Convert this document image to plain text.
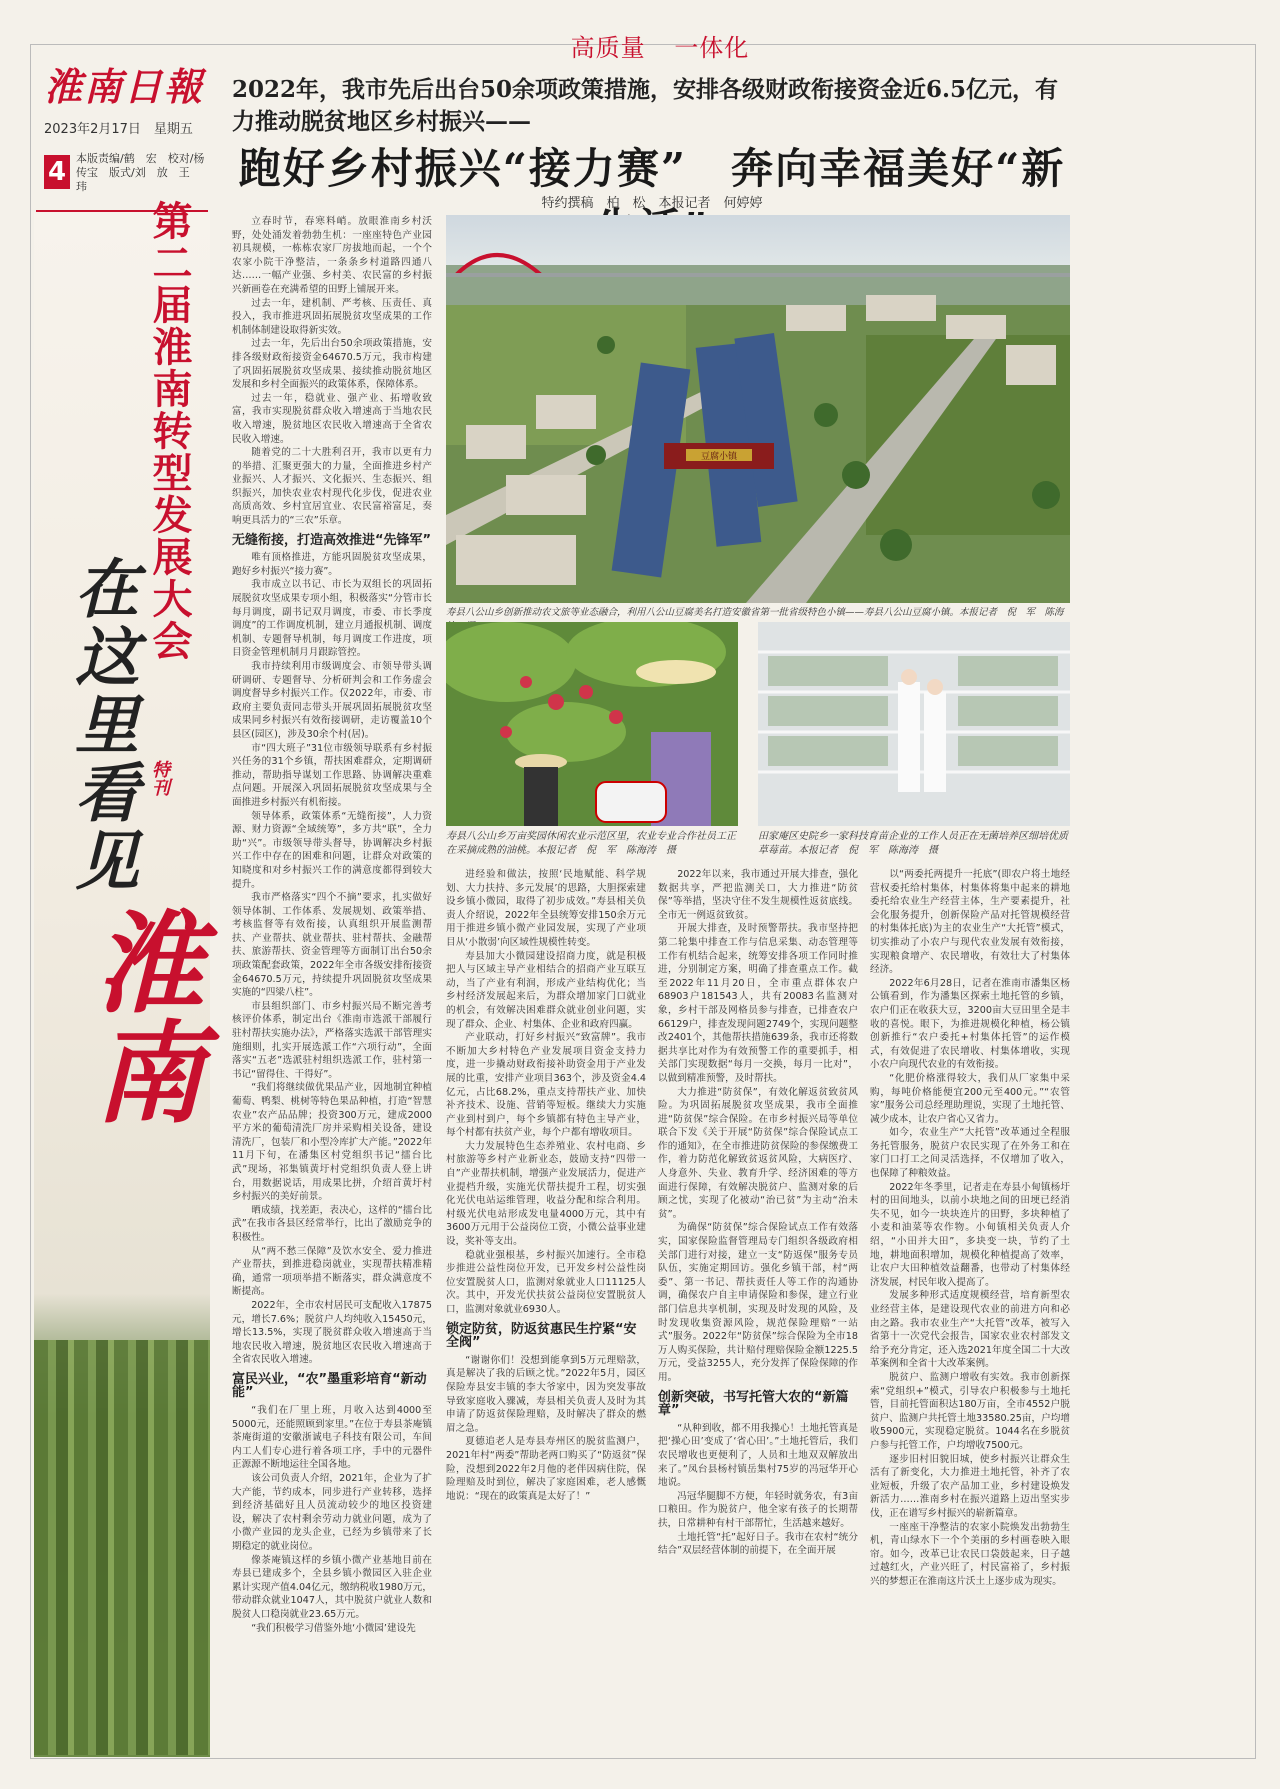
高质量 一体化
淮南日報
2023年2月17日　星期五
4 本版责编/鹤　宏　校对/杨传宝　版式/刘　放　王　玮
第二届淮南转型发展大会
特刊
在这里看见
淮南
2022年，我市先后出台50余项政策措施，安排各级财政衔接资金近6.5亿元，有力推动脱贫地区乡村振兴——
跑好乡村振兴“接力赛”　奔向幸福美好“新
特约撰稿　柏　松　本报记者　何婷婷
豆腐小镇
寿县八公山乡创新推动农文旅等业态融合，利用八公山豆腐美名打造安徽省第一批省级特色小镇——寿县八公山豆腐小镇。本报记者　倪　军　陈海　
寿县八公山乡万亩奖园休闲农业示范区里，农业专业合作社员工正在采摘成熟的油桃。本报记者　倪　军　陈海涛　摄
田家庵区史院乡一家科技育苗企业的工作人员正在无菌培养区细培优质草莓苗。本报记者　倪　军　陈海涛　摄

立春时节，春寒料峭。放眼淮南乡村沃野，处处涌发着勃勃生机：一座座特色产业园初具规模，一栋栋农家厂房拔地而起，一个个农家小院干净整洁，一条条乡村道路四通八达……一幅产业强、乡村美、农民富的乡村振兴新画卷在充满希望的田野上铺展开来。

过去一年，建机制、严考核、压责任、真投入，我市推进巩固拓展脱贫攻坚成果的工作机制体制建设取得新实效。

过去一年，先后出台50余项政策措施，安排各级财政衔接资金64670.5万元，我市构建了巩固拓展脱贫攻坚成果、接续推动脱贫地区发展和乡村全面振兴的政策体系，保障体系。

过去一年，稳就业、强产业、拓增收致富，我市实现脱贫群众收入增速高于当地农民收入增速，脱贫地区农民收入增速高于全省农民收入增速。

随着党的二十大胜利召开，我市以更有力的举措、汇聚更强大的力量，全面推进乡村产业振兴、人才振兴、文化振兴、生态振兴、组织振兴，加快农业农村现代化步伐，促进农业高质高效、乡村宜居宜业、农民富裕富足，奏响更具活力的“三农”乐章。

无缝衔接，打造高效推进“先锋军”

唯有顶格推进，方能巩固脱贫攻坚成果，跑好乡村振兴“接力赛”。

我市成立以书记、市长为双组长的巩固拓展脱贫攻坚成果专项小组，积极落实“分管市长每月调度，副书记双月调度，市委、市长季度调度”的工作调度机制，建立月通报机制、调度机制、专题督导机制，每月调度工作进度，项目资金管理机制月月跟踪管控。

我市持续利用市级调度会、市领导带头调研调研、专题督导、分析研判会和工作务虚会调度督导乡村振兴工作。仅2022年，市委、市政府主要负责同志带头开展巩固拓展脱贫攻坚成果同乡村振兴有效衔接调研，走访覆盖10个县区(园区)，涉及30余个村(居)。

市“四大班子”31位市级领导联系有乡村振兴任务的31个乡镇，帮扶困难群众，定期调研推动，帮助指导谋划工作思路、协调解决重难点问题。开展深入巩固拓展脱贫攻坚成果与全面推进乡村振兴有机衔接。

领导体系，政策体系“无缝衔接”，人力资源、财力资源“全域统筹”，多方共“联”，全力助“兴”。市级领导带头督导，协调解决乡村振兴工作中存在的困难和问题，让群众对政策的知晓度和对乡村振兴工作的满意度都得到较大提升。

我市严格落实“四个不摘”要求，扎实做好领导体制、工作体系、发展规划、政策举措、考核监督等有效衔接，认真组织开展监测帮扶、产业帮扶、就业帮扶、驻村帮扶、金融帮扶、旅游帮扶、资金管理等方面制订出台50余项政策配套政策，2022年全市各级安排衔接资金64670.5万元，持续提升巩固脱贫攻坚成果实施的“四梁八柱”。

市县组织部门、市乡村振兴局不断完善考核评价体系，制定出台《淮南市选派干部履行驻村帮扶实施办法》，严格落实选派干部管理实施细则，扎实开展选派工作“六项行动”，全面落实“五老”选派驻村组织选派工作，驻村第一书记“留得住、干得好”。

“我们将继续做优果品产业，因地制宜种植葡萄、鸭梨、桃树等特色果品种植，打造“智慧农业”农产品品牌；投资300万元，建成2000平方米的葡萄清洗厂房并采购相关设备，建设清洗厂，包装厂和小型冷库扩大产能。”2022年11月下旬，在潘集区村党组织书记“擂台比武”现场，祁集镇黄圩村党组织负责人登上讲台，用数据说话，用成果比拼，介绍首黄圩村乡村振兴的美好前景。

晒成绩，找差距，表决心，这样的“擂台比武”在我市各县区经常举行，比出了激励竞争的积极性。

从“两不愁三保障”及饮水安全、爱力推进产业帮扶，到推进稳岗就业，实现帮扶精准精确，通常一项项举措不断落实，群众满意度不断提高。

2022年，全市农村居民可支配收入17875元，增长7.6%；脱贫户人均纯收入15450元，增长13.5%，实现了脱贫群众收入增速高于当地农民收入增速，脱贫地区农民收入增速高于全省农民收入增速。

富民兴业，“农”墨重彩培育“新动能”

“我们在厂里上班，月收入达到4000至5000元，还能照顾到家里。”在位于寿县茶庵镇茶庵街道的安徽浙诚电子科技有限公司，车间内工人们专心进行着各项工序，手中的元器件正源源不断地运往全国各地。

该公司负责人介绍，2021年，企业为了扩大产能，节约成本，同步进行产业转移，选择到经济基础好且人员流动较少的地区投资建设，解决了农村剩余劳动力就业问题，成为了小微产业园的龙头企业，已经为乡镇带来了长期稳定的就业岗位。

像茶庵镇这样的乡镇小微产业基地目前在寿县已建成多个，全县乡镇小微园区入驻企业累计实现产值4.04亿元，缴纳税收1980万元，带动群众就业1047人，其中脱贫户就业人数和脱贫人口稳岗就业23.65万元。

“我们积极学习借鉴外地‘小微园’建设先

进经验和做法，按照‘民地赋能、科学规划、大力扶持、多元发展’的思路，大胆探索建设乡镇小微园，取得了初步成效。”寿县相关负责人介绍说，2022年全县统筹安排150余万元用于推进乡镇小微产业园发展，实现了产业项目从‘小散弱’向区域性规模性转变。

寿县加大小微园建设招商力度，就是积极把人与区域主导产业相结合的招商产业互联互动，当了产业有利润，形成产业结构优化；当乡村经济发展起来后，为群众增加家门口就业的机会，有效解决困难群众就业创业问题，实现了群众、企业、村集体、企业和政府四赢。

产业联动，打好乡村振兴“致富牌”。我市不断加大乡村特色产业发展项目资金支持力度，进一步撬动财政衔接补助资金用于产业发展的比重，安排产业项目363个，涉及资金4.4亿元，占比68.2%，重点支持帮扶产业、加快补齐技术、设施、营销等短板。继续大力实施产业到村到户，每个乡镇都有特色主导产业，每个村都有扶贫产业，每个户都有增收项目。

大力发展特色生态养殖业、农村电商、乡村旅游等乡村产业新业态，鼓励支持“四带一自”产业帮扶机制，增强产业发展活力，促进产业提档升级，实施光伏帮扶提升工程，切实强化光伏电站运维管理，收益分配和综合利用。村级光伏电站形成发电量4000万元，其中有3600万元用于公益岗位工资，小微公益事业建设，奖补等支出。

稳就业强根基，乡村振兴加速行。全市稳步推进公益性岗位开发，已开发乡村公益性岗位安置脱贫人口，监测对象就业人口11125人次。其中，开发光伏扶贫公益岗位安置脱贫人口，监测对象就业6930人。

锁定防贫，防返贫惠民生拧紧“安全阀”

“谢谢你们！没想到能拿到5万元理赔款，真是解决了我的后顾之忧。”2022年5月，园区保险寿县安丰镇的李大爷家中，因为突发事故导致家庭收入骤减，寿县相关负责人及时为其申请了防返贫保险理赔，及时解决了群众的燃眉之急。

夏德追老人是寿县寿州区的脱贫监测户，2021年村“两委”帮助老两口购买了“防返贫”保险，没想到2022年2月他的老伴因病住院，保险理赔及时到位，解决了家庭困难，老人感慨地说：“现在的政策真是太好了！”

2022年以来，我市通过开展大排查，强化数据共享，严把监测关口，大力推进“防贫保”等举措，坚决守住不发生规模性返贫底线。全市无一例返贫致贫。

开展大排查，及时预警帮扶。我市坚持把第二轮集中排查工作与信息采集、动态管理等工作有机结合起来，统筹安排各项工作同时推进，分别制定方案，明确了排查重点工作。截至2022年11月20日，全市重点群体农户68903户181543人，共有20083名监测对象，乡村干部及网格员参与排查，已排查农户66129户，排查发现问题2749个，实现问题整改2401个，其他帮扶措施639条，我市还将数据共享比对作为有效预警工作的重要抓手，相关部门实现数据“每月一交换，每月一比对”，以做到精准预警，及时帮扶。

大力推进“防贫保”，有效化解返贫致贫风险。为巩固拓展脱贫攻坚成果，我市全面推进“防贫保”综合保险。在市乡村振兴局等单位联合下发《关于开展“防贫保”综合保险试点工作的通知》，在全市推进防贫保险的参保缴费工作，着力防范化解致贫返贫风险，大病医疗、人身意外、失业、教育升学、经济困难的等方面进行保障，有效解决脱贫户、监测对象的后顾之忧，实现了化被动“治已贫”为主动“治未贫”。

为确保“防贫保”综合保险试点工作有效落实，国家保险监督管理局专门组织各级政府相关部门进行对接，建立一支“防返保”服务专员队伍，实施定期回访。强化乡镇干部，村“两委”、第一书记、帮扶责任人等工作的沟通协调，确保农户自主申请保险和参保，建立行业部门信息共享机制，实现及时发现的风险，及时发现收集资源风险，规范保险理赔“一站式”服务。2022年“防贫保”综合保险为全市18万人购买保险，共计赔付理赔保险金额1225.5万元，受益3255人，充分发挥了保险保障的作用。

创新突破，书写托管大农的“新篇章”

“从种到收，都不用我操心！土地托管真是把‘操心田’变成了‘省心田’。”土地托管后，我们农民增收也更便利了，人员和土地双双解放出来了。”凤台县杨村镇岳集村75岁的冯冠华开心地说。

冯冠华腿脚不方便，年轻时就务农，有3亩口粮田。作为脱贫户，他全家有孩子的长期帮扶，日常耕种有村干部帮忙，生活越来越好。

土地托管“托”起好日子。我市在农村“统分结合”双层经营体制的前提下，在全面开展

以“两委托两提升一托底”(即农户将土地经营权委托给村集体，村集体将集中起来的耕地委托给农业生产经营主体，生产要素提升，社会化服务提升，创新保险产品对托管规模经营的村集体托底)为主的农业生产“大托管”模式，切实推动了小农户与现代农业发展有效衔接，实现粮食增产、农民增收，有效壮大了村集体经济。

2022年6月28日，记者在淮南市潘集区杨公镇看到，作为潘集区探索土地托管的乡镇，农户们正在收获大豆，3200亩大豆田里全是丰收的喜悦。眼下，为推进规模化种植，杨公镇创新推行“农户委托+村集体托管”的运作模式，有效促进了农民增收、村集体增收，实现小农户向现代农业的有效衔接。

“化肥价格涨得较大，我们从厂家集中采购，每吨价格能便宜200元至400元。”“农管家”服务公司总经理助理说，实现了土地托管、减少成本，让农户省心又省力。

如今，农业生产“大托管”改革通过全程服务托管服务，脱贫户农民实现了在外务工和在家门口打工之间灵活选择，不仅增加了收入，也保障了种粮效益。

2022年冬季里，记者走在寿县小甸镇杨圩村的田间地头，以前小块地之间的田埂已经消失不见，如今一块块连片的田野，多块种植了小麦和油菜等农作物。小甸镇相关负责人介绍，“小田并大田”，多块变一块，节约了土地，耕地面积增加，规模化种植提高了效率，让农户大田种植效益翻番，也带动了村集体经济发展，村民年收入提高了。

发展多种形式适度规模经营，培育新型农业经营主体，是建设现代农业的前进方向和必由之路。我市农业生产“大托管”改革，被写入省第十一次党代会报告，国家农业农村部发文给予充分肯定，还入选2021年度全国二十大改革案例和全省十大改革案例。

脱贫户、监测户增收有实效。我市创新探索“党组织+”模式，引导农户积极参与土地托管，目前托管面积达180万亩，全市4552户脱贫户、监测户共托管土地33580.25亩，户均增收5900元，实现稳定脱贫。1044名在乡脱贫户参与托管工作，户均增收7500元。

逐步旧村旧貌旧城，使乡村振兴让群众生活有了新变化，大力推进土地托管，补齐了农业短板，升级了农产品加工业，乡村建设焕发新活力……淮南乡村在振兴道路上迈出坚实步伐，正在谱写乡村振兴的崭新篇章。

一座座干净整洁的农家小院焕发出勃勃生机，青山绿水下一个个美丽的乡村画卷映入眼帘。如今，改革已让农民口袋鼓起来，日子越过越红火，产业兴旺了，村民富裕了，乡村振兴的梦想正在淮南这片沃土上逐步成为现实。
